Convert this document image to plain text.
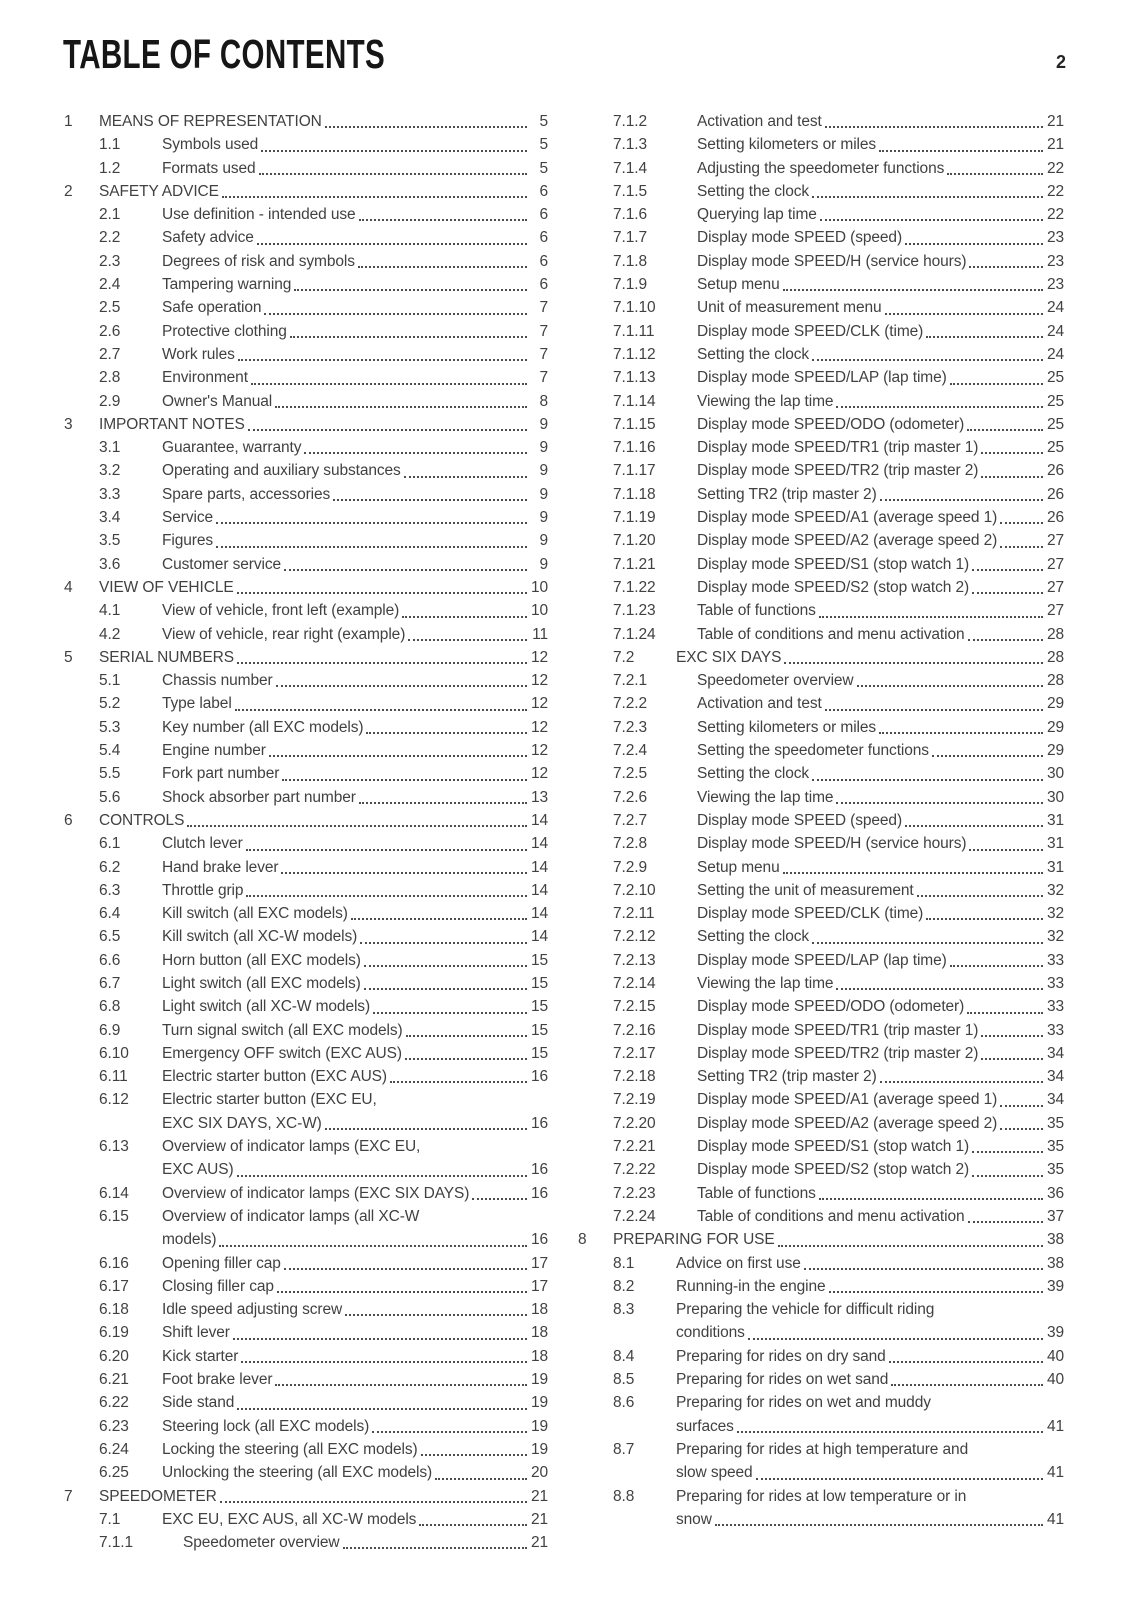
TABLE OF CONTENTS	2
1	MEANS OF REPRESENTATION	5
1.1	Symbols used	5
1.2	Formats used	5
2	SAFETY ADVICE	6
2.1	Use definition - intended use	6
2.2	Safety advice	6
2.3	Degrees of risk and symbols	6
2.4	Tampering warning	6
2.5	Safe operation	7
2.6	Protective clothing	7
2.7	Work rules	7
2.8	Environment	7
2.9	Owner's Manual	8
3	IMPORTANT NOTES	9
3.1	Guarantee, warranty	9
3.2	Operating and auxiliary substances	9
3.3	Spare parts, accessories	9
3.4	Service	9
3.5	Figures	9
3.6	Customer service	9
4	VIEW OF VEHICLE	10
4.1	View of vehicle, front left (example)	10
4.2	View of vehicle, rear right (example)	11
5	SERIAL NUMBERS	12
5.1	Chassis number	12
5.2	Type label	12
5.3	Key number (all EXC models)	12
5.4	Engine number	12
5.5	Fork part number	12
5.6	Shock absorber part number	13
6	CONTROLS	14
6.1	Clutch lever	14
6.2	Hand brake lever	14
6.3	Throttle grip	14
6.4	Kill switch (all EXC models)	14
6.5	Kill switch (all XC-W models)	14
6.6	Horn button (all EXC models)	15
6.7	Light switch (all EXC models)	15
6.8	Light switch (all XC-W models)	15
6.9	Turn signal switch (all EXC models)	15
6.10	Emergency OFF switch (EXC AUS)	15
6.11	Electric starter button (EXC AUS)	16
6.12	Electric starter button (EXC EU,
EXC SIX DAYS, XC-W)	16
6.13	Overview of indicator lamps (EXC EU,
EXC AUS)	16
6.14	Overview of indicator lamps (EXC SIX DAYS)	16
6.15	Overview of indicator lamps (all XC-W
models)	16
6.16	Opening filler cap	17
6.17	Closing filler cap	17
6.18	Idle speed adjusting screw	18
6.19	Shift lever	18
6.20	Kick starter	18
6.21	Foot brake lever	19
6.22	Side stand	19
6.23	Steering lock (all EXC models)	19
6.24	Locking the steering (all EXC models)	19
6.25	Unlocking the steering (all EXC models)	20
7	SPEEDOMETER	21
7.1	EXC EU, EXC AUS, all XC-W models	21
7.1.1	Speedometer overview	21
7.1.2	Activation and test	21
7.1.3	Setting kilometers or miles	21
7.1.4	Adjusting the speedometer functions	22
7.1.5	Setting the clock	22
7.1.6	Querying lap time	22
7.1.7	Display mode SPEED (speed)	23
7.1.8	Display mode SPEED/H (service hours)	23
7.1.9	Setup menu	23
7.1.10	Unit of measurement menu	24
7.1.11	Display mode SPEED/CLK (time)	24
7.1.12	Setting the clock	24
7.1.13	Display mode SPEED/LAP (lap time)	25
7.1.14	Viewing the lap time	25
7.1.15	Display mode SPEED/ODO (odometer)	25
7.1.16	Display mode SPEED/TR1 (trip master 1)	25
7.1.17	Display mode SPEED/TR2 (trip master 2)	26
7.1.18	Setting TR2 (trip master 2)	26
7.1.19	Display mode SPEED/A1 (average speed 1)	26
7.1.20	Display mode SPEED/A2 (average speed 2)	27
7.1.21	Display mode SPEED/S1 (stop watch 1)	27
7.1.22	Display mode SPEED/S2 (stop watch 2)	27
7.1.23	Table of functions	27
7.1.24	Table of conditions and menu activation	28
7.2	EXC SIX DAYS	28
7.2.1	Speedometer overview	28
7.2.2	Activation and test	29
7.2.3	Setting kilometers or miles	29
7.2.4	Setting the speedometer functions	29
7.2.5	Setting the clock	30
7.2.6	Viewing the lap time	30
7.2.7	Display mode SPEED (speed)	31
7.2.8	Display mode SPEED/H (service hours)	31
7.2.9	Setup menu	31
7.2.10	Setting the unit of measurement	32
7.2.11	Display mode SPEED/CLK (time)	32
7.2.12	Setting the clock	32
7.2.13	Display mode SPEED/LAP (lap time)	33
7.2.14	Viewing the lap time	33
7.2.15	Display mode SPEED/ODO (odometer)	33
7.2.16	Display mode SPEED/TR1 (trip master 1)	33
7.2.17	Display mode SPEED/TR2 (trip master 2)	34
7.2.18	Setting TR2 (trip master 2)	34
7.2.19	Display mode SPEED/A1 (average speed 1)	34
7.2.20	Display mode SPEED/A2 (average speed 2)	35
7.2.21	Display mode SPEED/S1 (stop watch 1)	35
7.2.22	Display mode SPEED/S2 (stop watch 2)	35
7.2.23	Table of functions	36
7.2.24	Table of conditions and menu activation	37
8	PREPARING FOR USE	38
8.1	Advice on first use	38
8.2	Running-in the engine	39
8.3	Preparing the vehicle for difficult riding
conditions	39
8.4	Preparing for rides on dry sand	40
8.5	Preparing for rides on wet sand	40
8.6	Preparing for rides on wet and muddy
surfaces	41
8.7	Preparing for rides at high temperature and
slow speed	41
8.8	Preparing for rides at low temperature or in
snow	41
